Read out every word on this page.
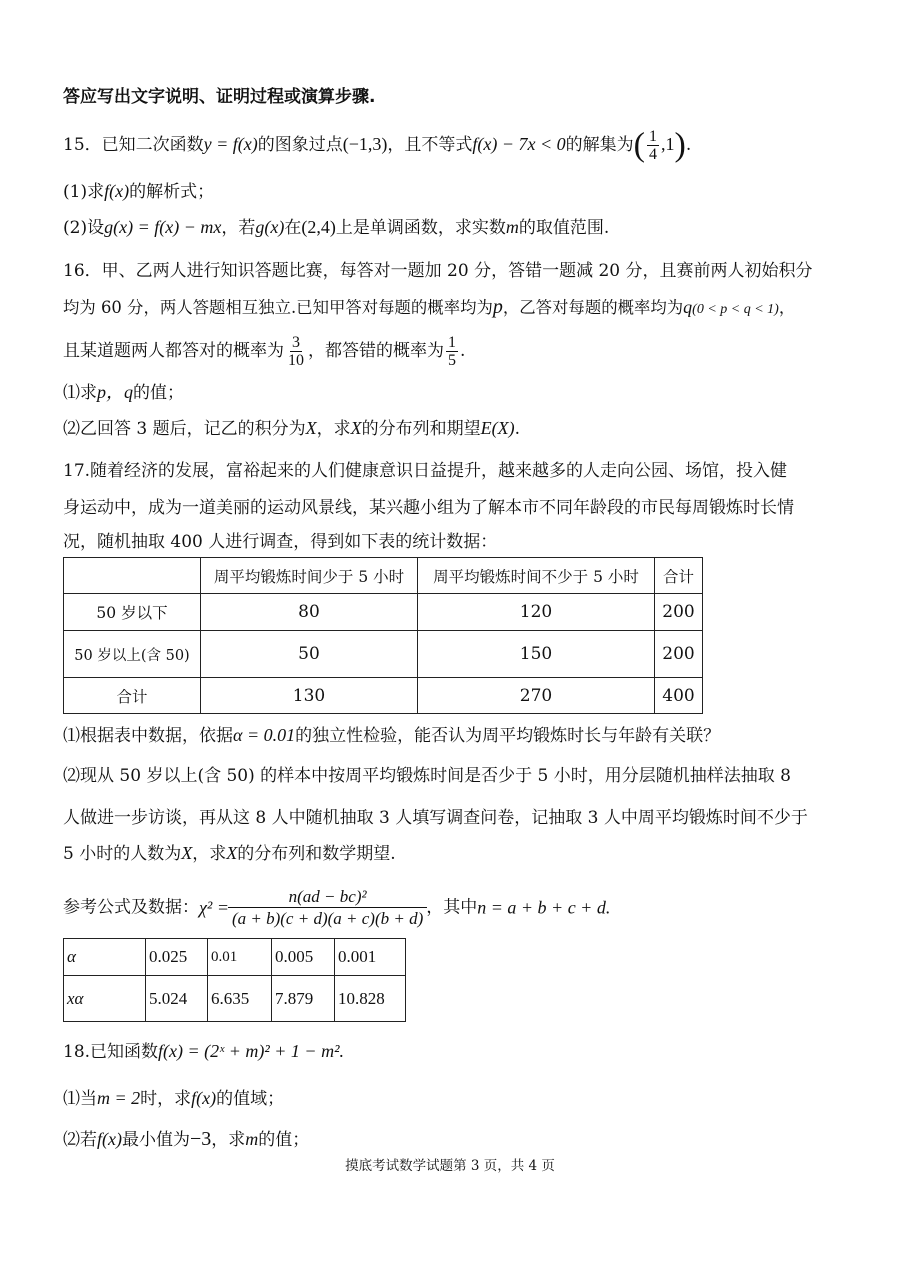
答应写出文字说明、证明过程或演算步骤.
15．已知二次函数y = f(x)的图象过点(−1,3)，且不等式f(x) − 7x < 0的解集为( $\frac{1}{4} ,1$).
(1)求f(x)的解析式；
(2)设g(x) = f(x) − mx，若g(x)在(2,4)上是单调函数，求实数m的取值范围.
16．甲、乙两人进行知识答题比赛，每答对一题加 20 分，答错一题减 20 分，且赛前两人初始积分
均为 60 分，两人答题相互独立.已知甲答对每题的概率均为p，乙答对每题的概率均为q(0 < p < q < 1)，
且某道题两人都答对的概率为 $\frac{3}{10}$ ，都答错的概率为 $\frac{1}{5}$ .
⑴求p，q的值；
⑵乙回答 3 题后，记乙的积分为X，求X的分布列和期望E(X).
17.随着经济的发展，富裕起来的人们健康意识日益提升，越来越多的人走向公园、场馆，投入健
身运动中，成为一道美丽的运动风景线，某兴趣小组为了解本市不同年龄段的市民每周锻炼时长情
况，随机抽取 400 人进行调查，得到如下表的统计数据：
	周平均锻炼时间少于 5 小时	周平均锻炼时间不少于 5 小时	合计
50 岁以下	80	120	200
50 岁以上(含 50)	50	150	200
合计	130	270	400
⑴根据表中数据，依据α = 0.01的独立性检验，能否认为周平均锻炼时长与年龄有关联？
⑵现从 50 岁以上(含 50) 的样本中按周平均锻炼时间是否少于 5 小时，用分层随机抽样法抽取 8
人做进一步访谈，再从这 8 人中随机抽取 3 人填写调查问卷，记抽取 3 人中周平均锻炼时间不少于
5 小时的人数为X，求X的分布列和数学期望.
参考公式及数据：$\chi^2 = \frac{\text{n(ad − bc)²}}{(a + b)(c + d)(a + c)(b + d)}$ ，其中n = a + b + c + d.
α	0.025	0.01	0.005	0.001
xα	5.024	6.635	7.879	10.828
18.已知函数f(x) = (2ˣ + m)² + 1 − m².
⑴当m = 2时，求f(x)的值域；
⑵若f(x)最小值为−3，求m的值；
摸底考试数学试题第 3 页，共 4 页
